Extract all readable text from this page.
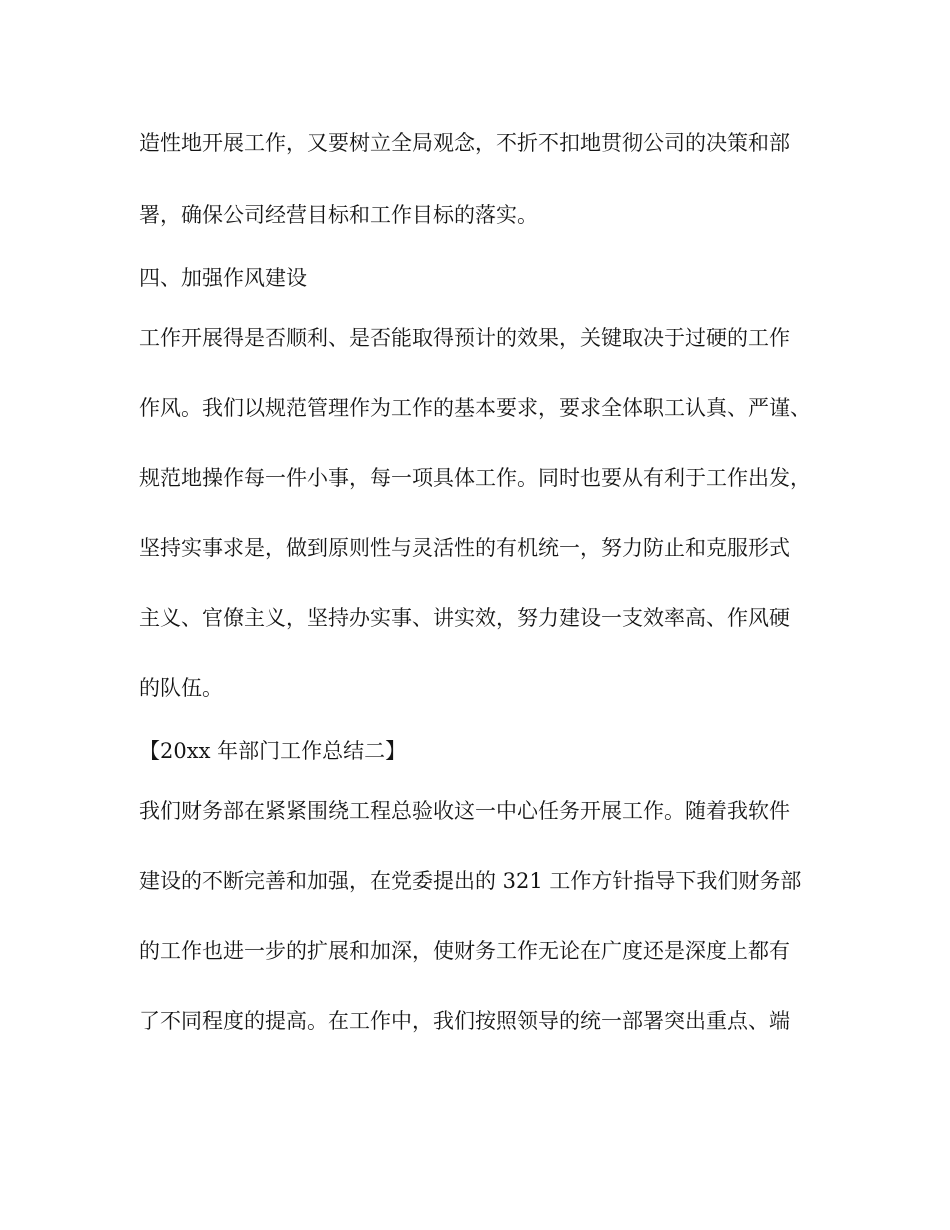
造性地开展工作，又要树立全局观念，不折不扣地贯彻公司的决策和部

署，确保公司经营目标和工作目标的落实。

四、加强作风建设

工作开展得是否顺利、是否能取得预计的效果，关键取决于过硬的工作

作风。我们以规范管理作为工作的基本要求，要求全体职工认真、严谨、

规范地操作每一件小事，每一项具体工作。同时也要从有利于工作出发，

坚持实事求是，做到原则性与灵活性的有机统一，努力防止和克服形式

主义、官僚主义，坚持办实事、讲实效，努力建设一支效率高、作风硬

的队伍。

【20xx 年部门工作总结二】

我们财务部在紧紧围绕工程总验收这一中心任务开展工作。随着我软件

建设的不断完善和加强，在党委提出的 321 工作方针指导下我们财务部

的工作也进一步的扩展和加深，使财务工作无论在广度还是深度上都有

了不同程度的提高。在工作中，我们按照领导的统一部署突出重点、端
